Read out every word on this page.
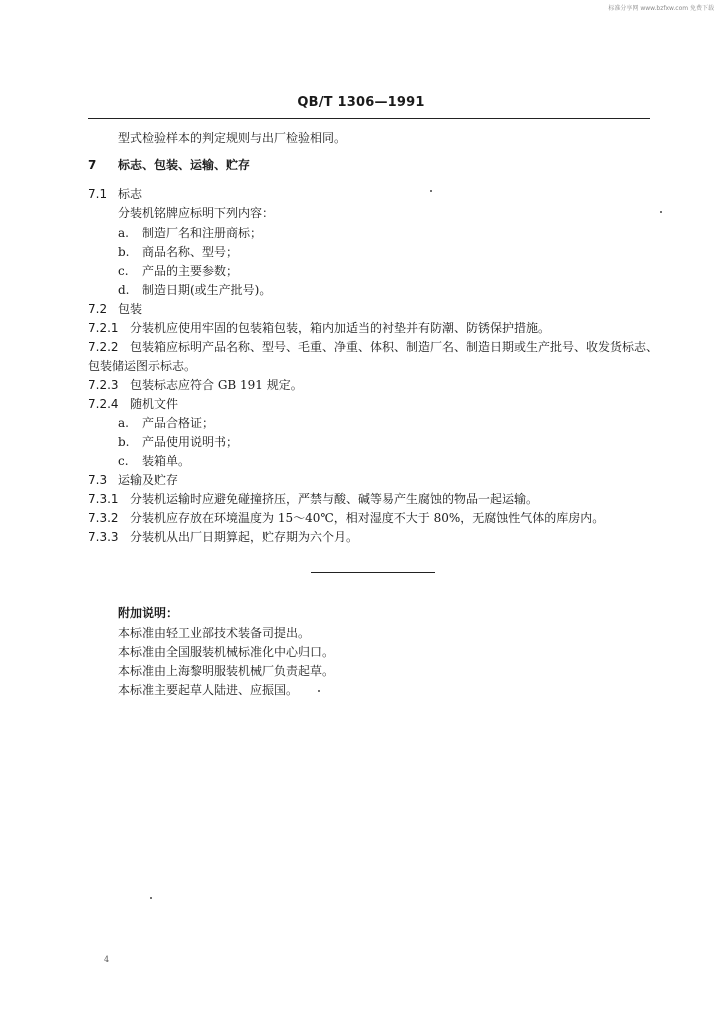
标准分享网 www.bzfxw.com 免费下载
QB/T 1306—1991
型式检验样本的判定规则与出厂检验相同。
7 标志、包装、运输、贮存
7.1 标志
分装机铭牌应标明下列内容：
a. 制造厂名和注册商标；
b. 商品名称、型号；
c. 产品的主要参数；
d. 制造日期(或生产批号)。
7.2 包装
7.2.1 分装机应使用牢固的包装箱包装，箱内加适当的衬垫并有防潮、防锈保护措施。
7.2.2 包装箱应标明产品名称、型号、毛重、净重、体积、制造厂名、制造日期或生产批号、收发货标志、
包装储运图示标志。
7.2.3 包装标志应符合 GB 191 规定。
7.2.4 随机文件
a. 产品合格证；
b. 产品使用说明书；
c. 装箱单。
7.3 运输及贮存
7.3.1 分装机运输时应避免碰撞挤压，严禁与酸、碱等易产生腐蚀的物品一起运输。
7.3.2 分装机应存放在环境温度为 15～40℃，相对湿度不大于 80%，无腐蚀性气体的库房内。
7.3.3 分装机从出厂日期算起，贮存期为六个月。
附加说明：
本标准由轻工业部技术装备司提出。
本标准由全国服装机械标准化中心归口。
本标准由上海黎明服装机械厂负责起草。
本标准主要起草人陆进、应振国。
4
